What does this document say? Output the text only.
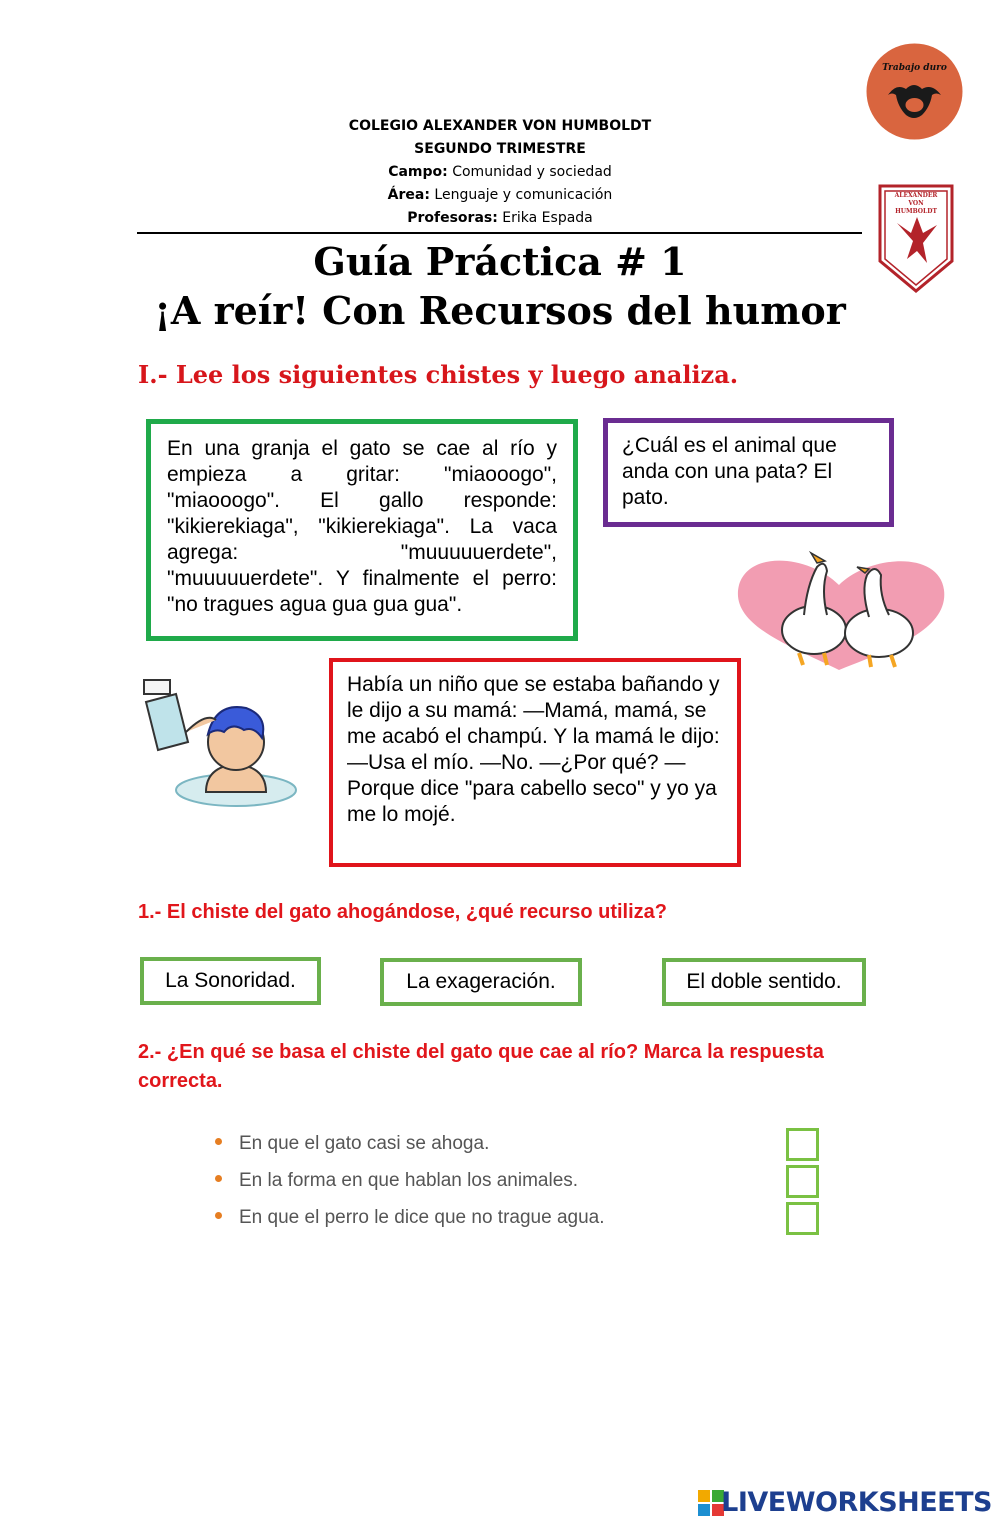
Trabajo duro
ALEXANDER VON HUMBOLDT
COLEGIO ALEXANDER VON HUMBOLDT
SEGUNDO TRIMESTRE
Campo: Comunidad y sociedad
Área: Lenguaje y comunicación
Profesoras: Erika Espada
Guía Práctica # 1
¡A reír! Con Recursos del humor
I.- Lee los siguientes chistes y luego analiza.
En una granja el gato se cae al río y empieza a gritar: "miaooogo", "miaooogo". El gallo responde: "kikierekiaga", "kikierekiaga". La vaca agrega: "muuuuuerdete", "muuuuuerdete". Y finalmente el perro: "no tragues agua gua gua gua".
¿Cuál es el animal que anda con una pata? El pato.
Había un niño que se estaba bañando y le dijo a su mamá: —Mamá, mamá, se me acabó el champú. Y la mamá le dijo: —Usa el mío. —No. —¿Por qué? —Porque dice "para cabello seco" y yo ya me lo mojé.
1.- El chiste del gato ahogándose, ¿qué recurso utiliza?
La Sonoridad.	La exageración.	El doble sentido.
2.- ¿En qué se basa el chiste del gato que cae al río? Marca la respuesta correcta.
En que el gato casi se ahoga.
En la forma en que hablan los animales.
En que el perro le dice que no trague agua.
LIVEWORKSHEETS
